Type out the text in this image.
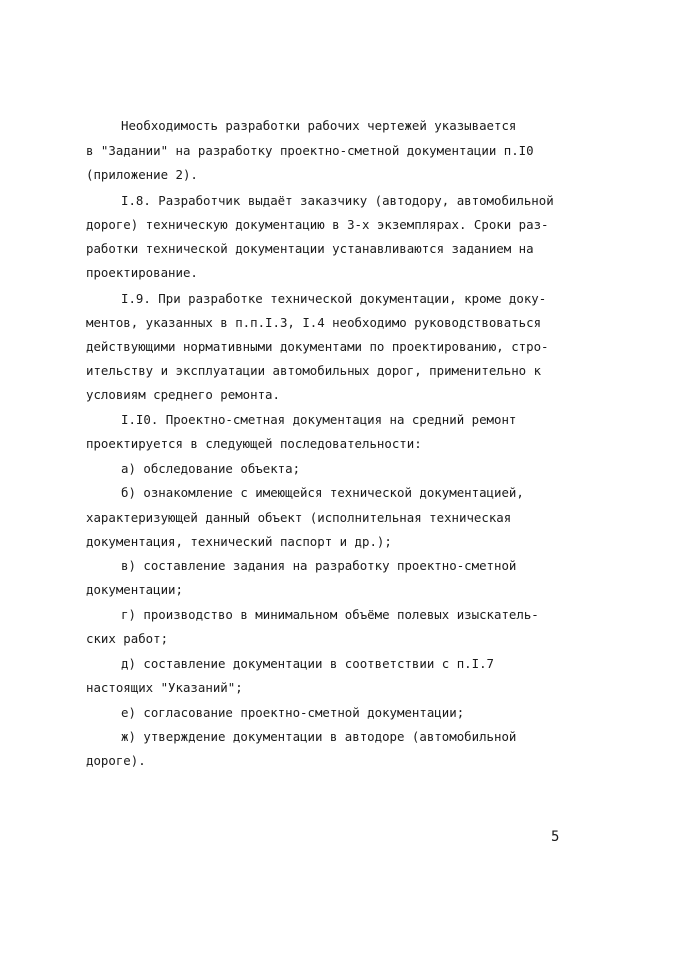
Необходимость разработки рабочих чертежей указывается
в "Задании" на разработку проектно-сметной документации п.I0
(приложение 2).
I.8. Разработчик выдаёт заказчику (автодору, автомобильной
дороге) техническую документацию в 3-х экземплярах. Сроки раз-
работки технической документации устанавливаются заданием на
проектирование.
I.9. При разработке технической документации, кроме доку-
ментов, указанных в п.п.I.3, I.4 необходимо руководствоваться
действующими нормативными документами по проектированию, стро-
ительству и эксплуатации автомобильных дорог, применительно к
условиям среднего ремонта.
I.I0. Проектно-сметная документация на средний ремонт
проектируется в следующей последовательности:
а) обследование объекта;
б) ознакомление с имеющейся технической документацией,
характеризующей данный объект (исполнительная техническая
документация, технический паспорт и др.);
в) составление задания на разработку проектно-сметной
документации;
г) производство в минимальном объёме полевых изыскатель-
ских работ;
д) составление документации в соответствии с п.I.7
настоящих "Указаний";
е) согласование проектно-сметной документации;
ж) утверждение документации в автодоре (автомобильной
дороге).
5
